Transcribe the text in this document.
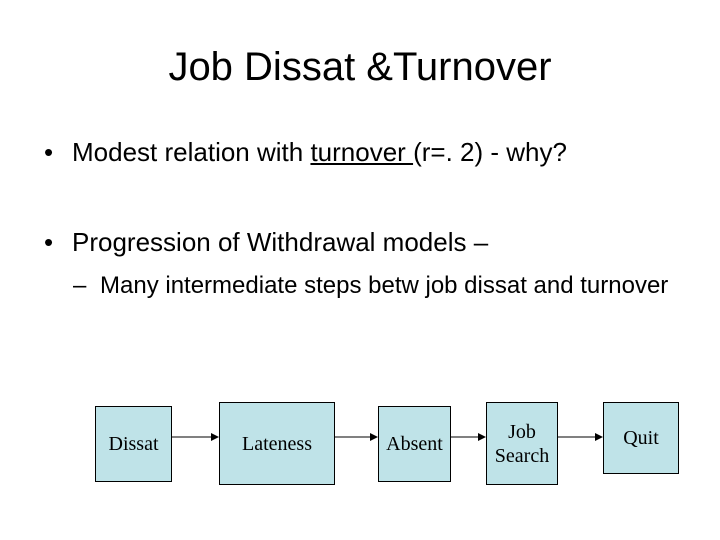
Job Dissat &Turnover
• Modest relation with turnover (r=. 2) - why?
• Progression of Withdrawal models –
– Many intermediate steps betw job dissat and turnover
Dissat	Lateness	Absent
Job
Search
Quit
